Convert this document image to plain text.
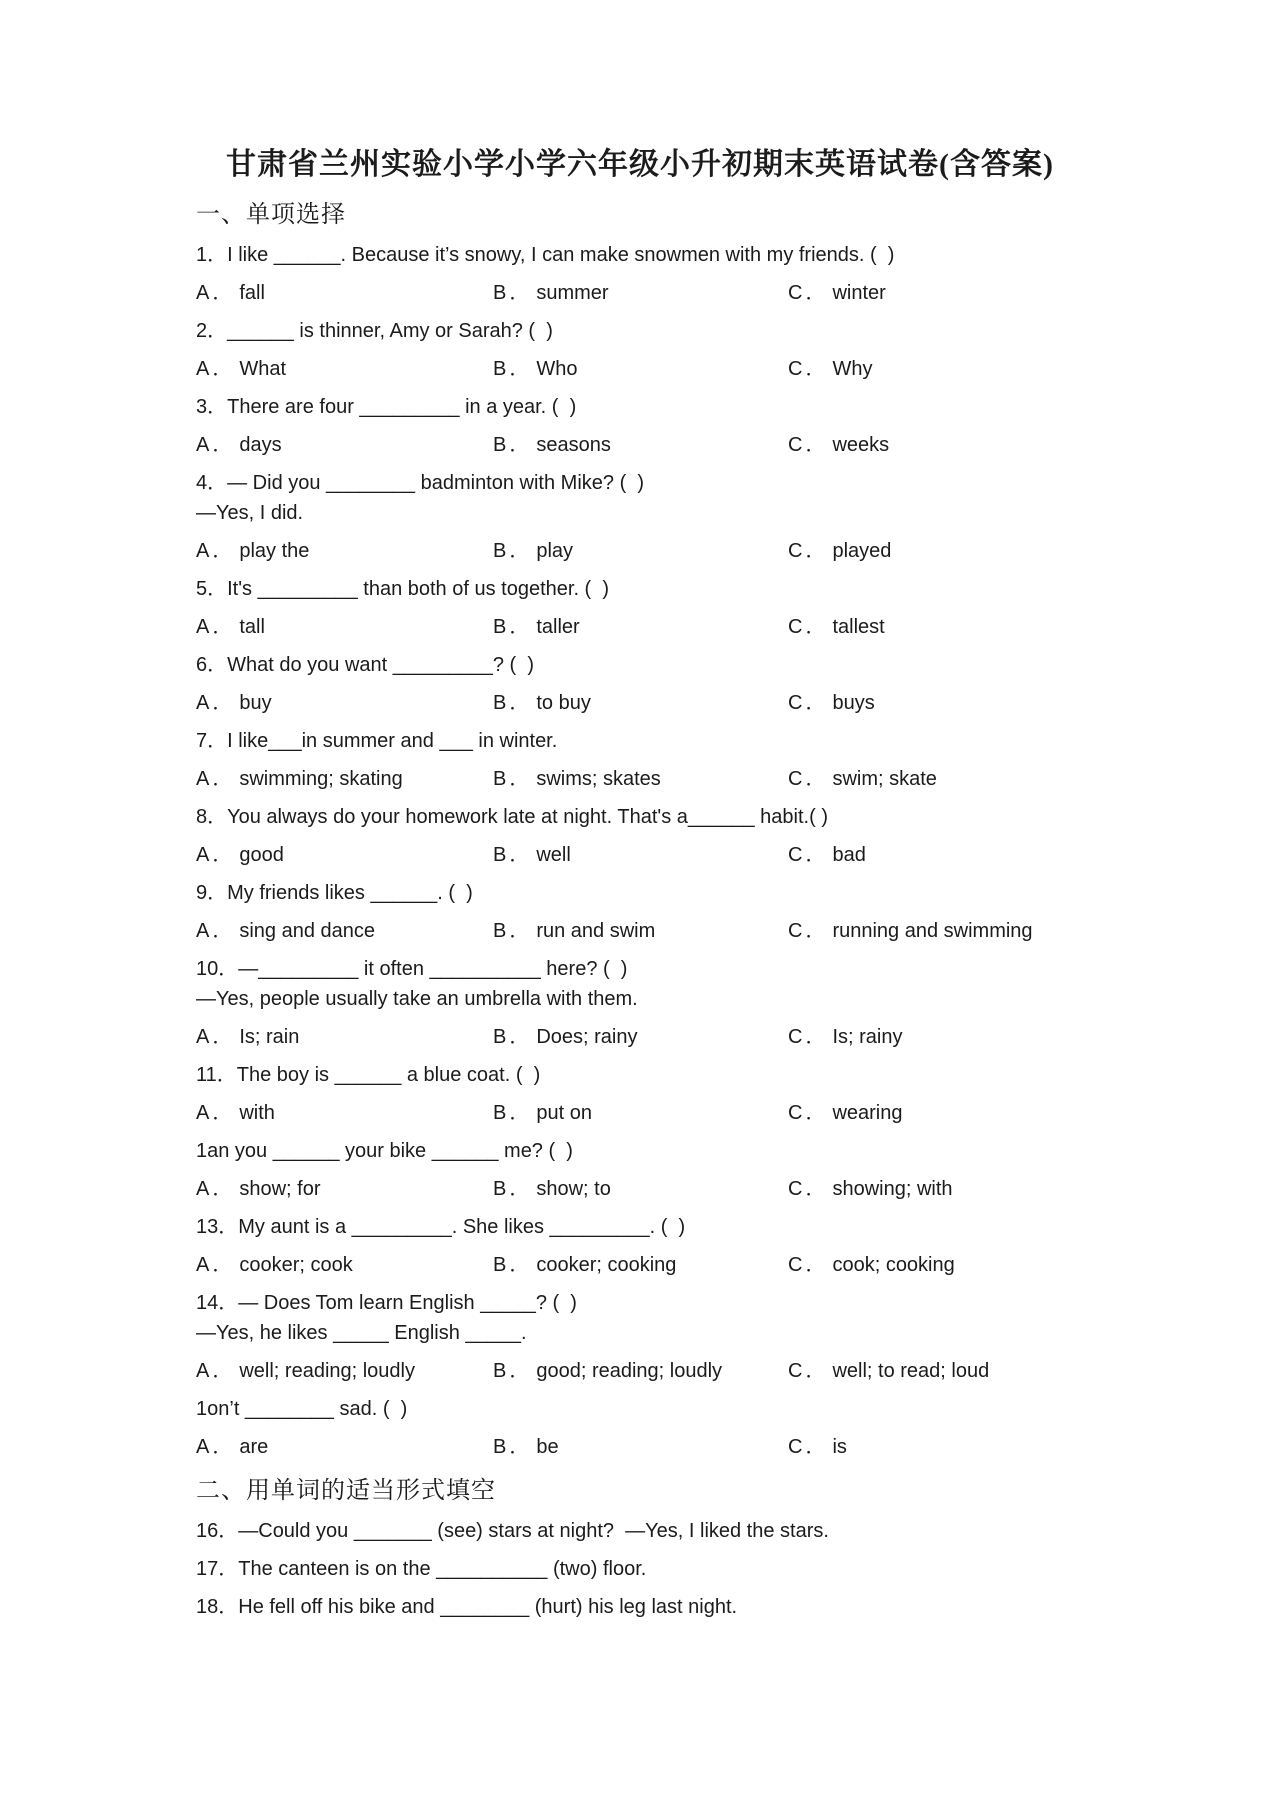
甘肃省兰州实验小学小学六年级小升初期末英语试卷(含答案)
一、单项选择
1．I like ______. Because it’s snowy, I can make snowmen with my friends. (  )
A． fall	B． summer	C． winter
2．______ is thinner, Amy or Sarah? (  )
A． What	B． Who	C． Why
3．There are four _________ in a year. (  )
A． days	B． seasons	C． weeks
4．— Did you ________ badminton with Mike? (  )
—Yes, I did.
A． play the	B． play	C． played
5．It's _________ than both of us together. (  )
A． tall	B． taller	C． tallest
6．What do you want _________? (  )
A． buy	B． to buy	C． buys
7．I like___in summer and ___ in winter.
A． swimming; skating	B． swims; skates	C． swim; skate
8．You always do your homework late at night. That's a______ habit.( )
A． good	B． well	C． bad
9．My friends likes ______. (  )
A． sing and dance	B． run and swim	C． running and swimming
10．—_________ it often __________ here? (  )
—Yes, people usually take an umbrella with them.
A． Is; rain	B． Does; rainy	C． Is; rainy
11．The boy is ______ a blue coat. (  )
A． with	B． put on	C． wearing
1an you ______ your bike ______ me? (  )
A． show; for	B． show; to	C． showing; with
13．My aunt is a _________. She likes _________. (  )
A． cooker; cook	B． cooker; cooking	C． cook; cooking
14．— Does Tom learn English _____? (  )
—Yes, he likes _____ English _____.
A． well; reading; loudly	B． good; reading; loudly	C． well; to read; loud
1on’t ________ sad. (  )
A． are	B． be	C． is
二、用单词的适当形式填空
16．—Could you _______ (see) stars at night?  —Yes, I liked the stars.
17．The canteen is on the __________ (two) floor.
18．He fell off his bike and ________ (hurt) his leg last night.
